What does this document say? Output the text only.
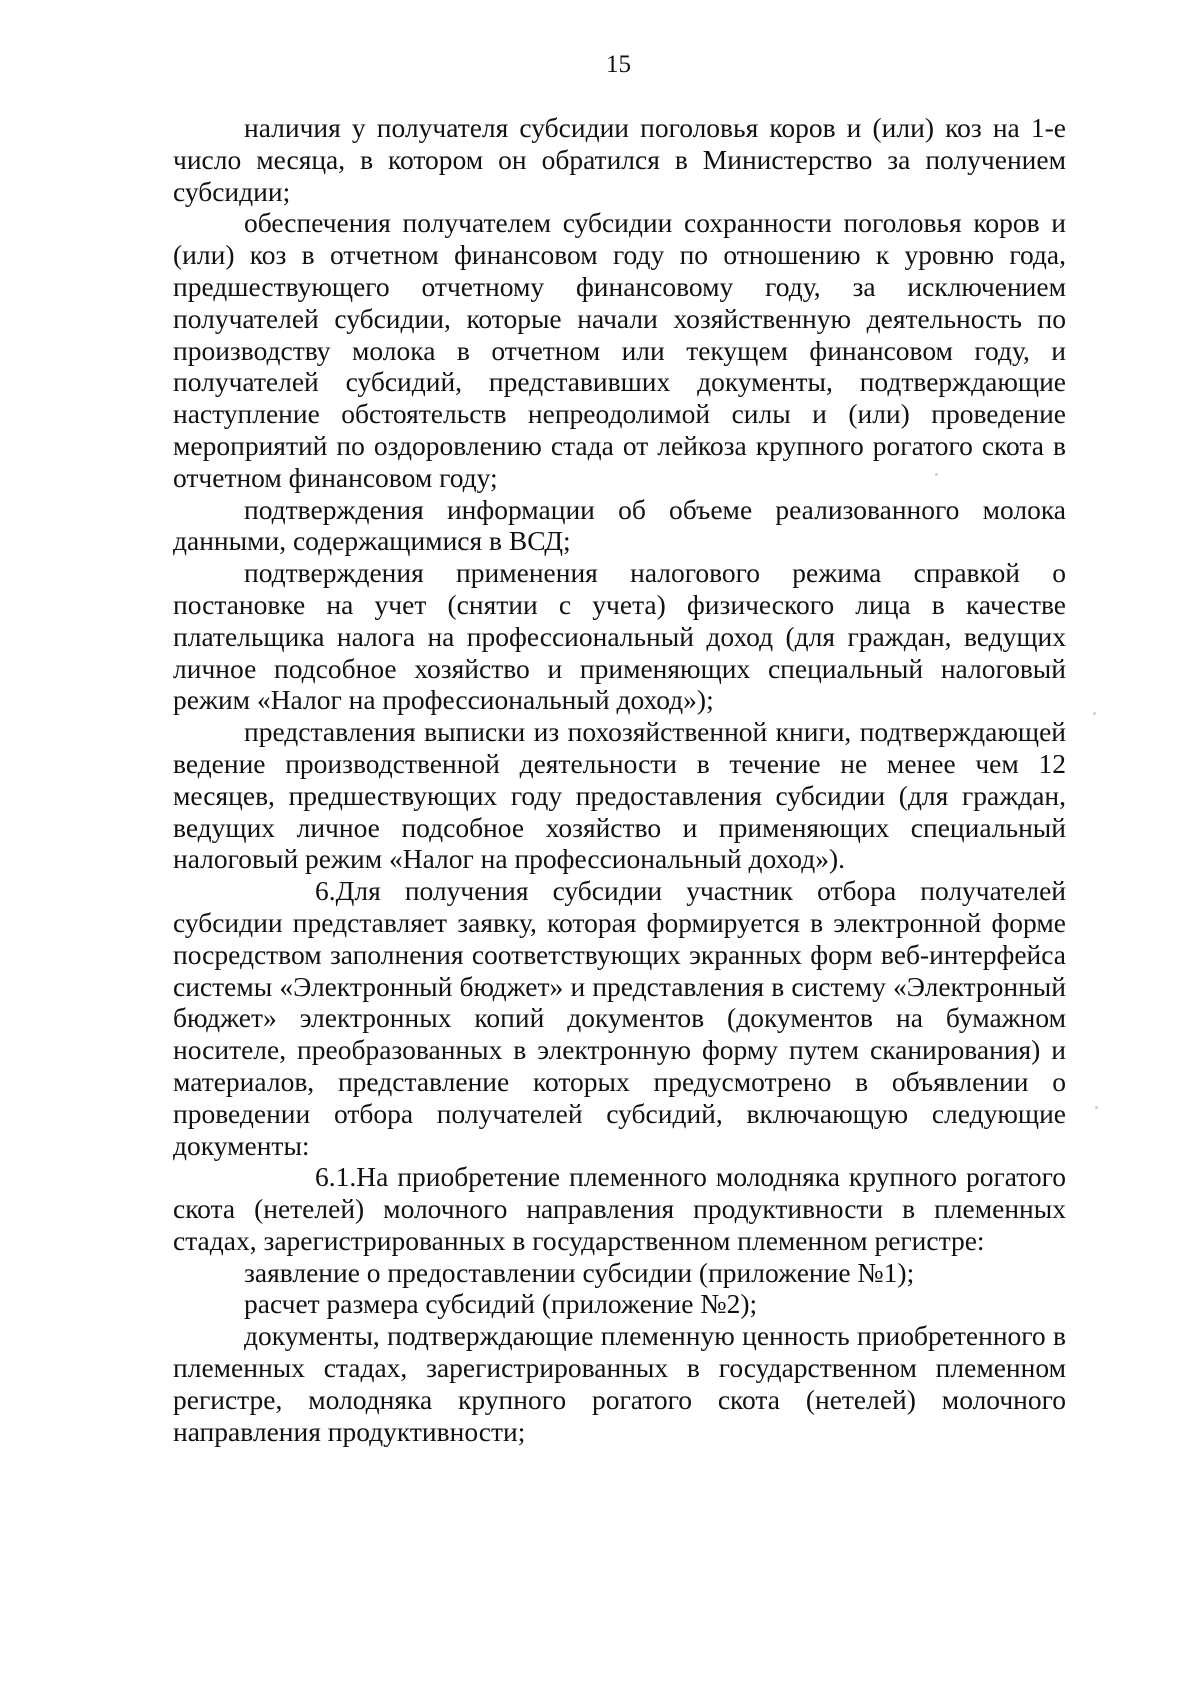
15

наличия у получателя субсидии поголовья коров и (или) коз на 1-е число месяца, в котором он обратился в Министерство за получением субсидии;

обеспечения получателем субсидии сохранности поголовья коров и (или) коз в отчетном финансовом году по отношению к уровню года, предшествующего отчетному финансовому году, за исключением получателей субсидии, которые начали хозяйственную деятельность по производству молока в отчетном или текущем финансовом году, и получателей субсидий, представивших документы, подтверждающие наступление обстоятельств непреодолимой силы и (или) проведение мероприятий по оздоровлению стада от лейкоза крупного рогатого скота в отчетном финансовом году;

подтверждения информации об объеме реализованного молока данными, содержащимися в ВСД;

подтверждения применения налогового режима справкой о постановке на учет (снятии с учета) физического лица в качестве плательщика налога на профессиональный доход (для граждан, ведущих личное подсобное хозяйство и применяющих специальный налоговый режим «Налог на профессиональный доход»);

представления выписки из похозяйственной книги, подтверждающей ведение производственной деятельности в течение не менее чем 12 месяцев, предшествующих году предоставления субсидии (для граждан, ведущих личное подсобное хозяйство и применяющих специальный налоговый режим «Налог на профессиональный доход»).

6.Для получения субсидии участник отбора получателей субсидии представляет заявку, которая формируется в электронной форме посредством заполнения соответствующих экранных форм веб-интерфейса системы «Электронный бюджет» и представления в систему «Электронный бюджет» электронных копий документов (документов на бумажном носителе, преобразованных в электронную форму путем сканирования) и материалов, представление которых предусмотрено в объявлении о проведении отбора получателей субсидий, включающую следующие документы:

6.1.На приобретение племенного молодняка крупного рогатого скота (нетелей) молочного направления продуктивности в племенных стадах, зарегистрированных в государственном племенном регистре:

заявление о предоставлении субсидии (приложение №1);

расчет размера субсидий (приложение №2);

документы, подтверждающие племенную ценность приобретенного в племенных стадах, зарегистрированных в государственном племенном регистре, молодняка крупного рогатого скота (нетелей) молочного направления продуктивности;
